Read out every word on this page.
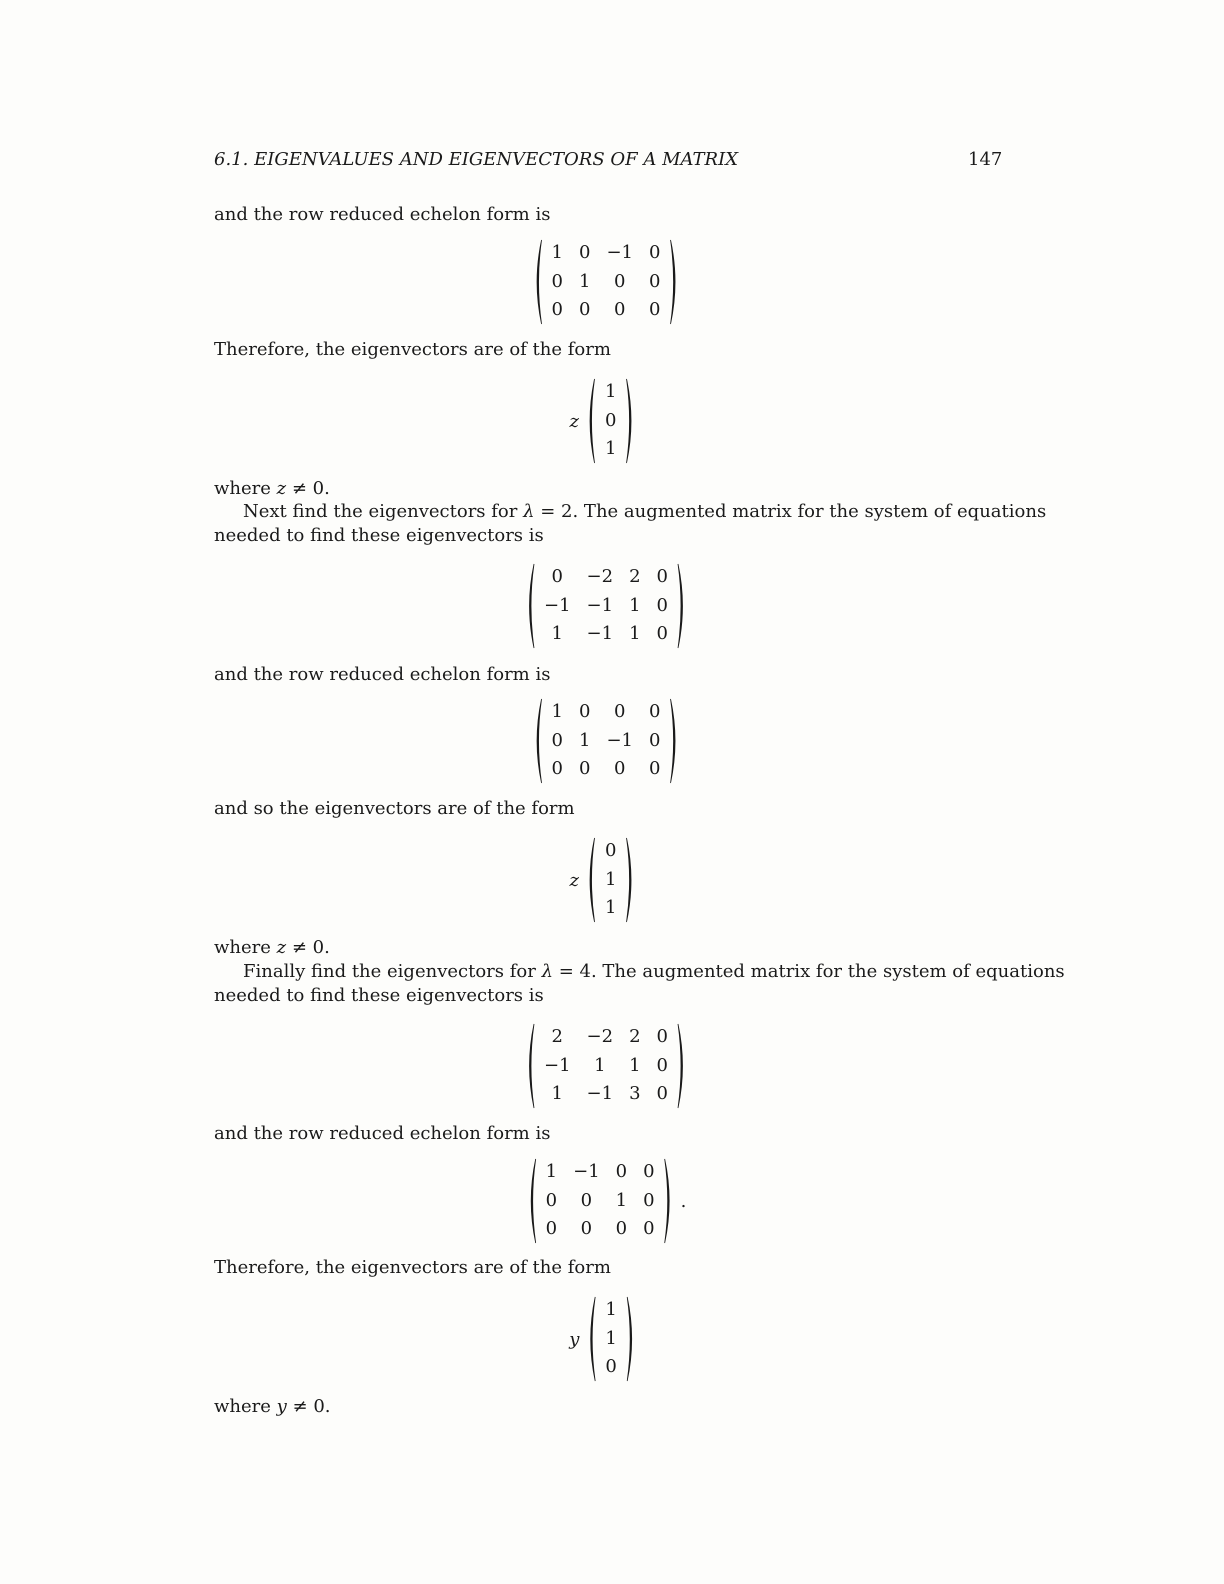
6.1. EIGENVALUES AND EIGENVECTORS OF A MATRIX	147
and the row reduced echelon form is
Therefore, the eigenvectors are of the form
where z ≠ 0.
Next find the eigenvectors for λ = 2. The augmented matrix for the system of equations
needed to find these eigenvectors is
and the row reduced echelon form is
and so the eigenvectors are of the form
where z ≠ 0.
Finally find the eigenvectors for λ = 4. The augmented matrix for the system of equations
needed to find these eigenvectors is
and the row reduced echelon form is
Therefore, the eigenvectors are of the form
where y ≠ 0.
1	0	−1	0
0	1	0	0
0	0	0	0
z
1
0
1
0	−2	2	0
−1	−1	1	0
1	−1	1	0
1	0	0	0
0	1	−1	0
0	0	0	0
z
0
1
1
2	−2	2	0
−1	1	1	0
1	−1	3	0
1	−1	0	0
0	0	1	0
0	0	0	0
.
y
1
1
0
